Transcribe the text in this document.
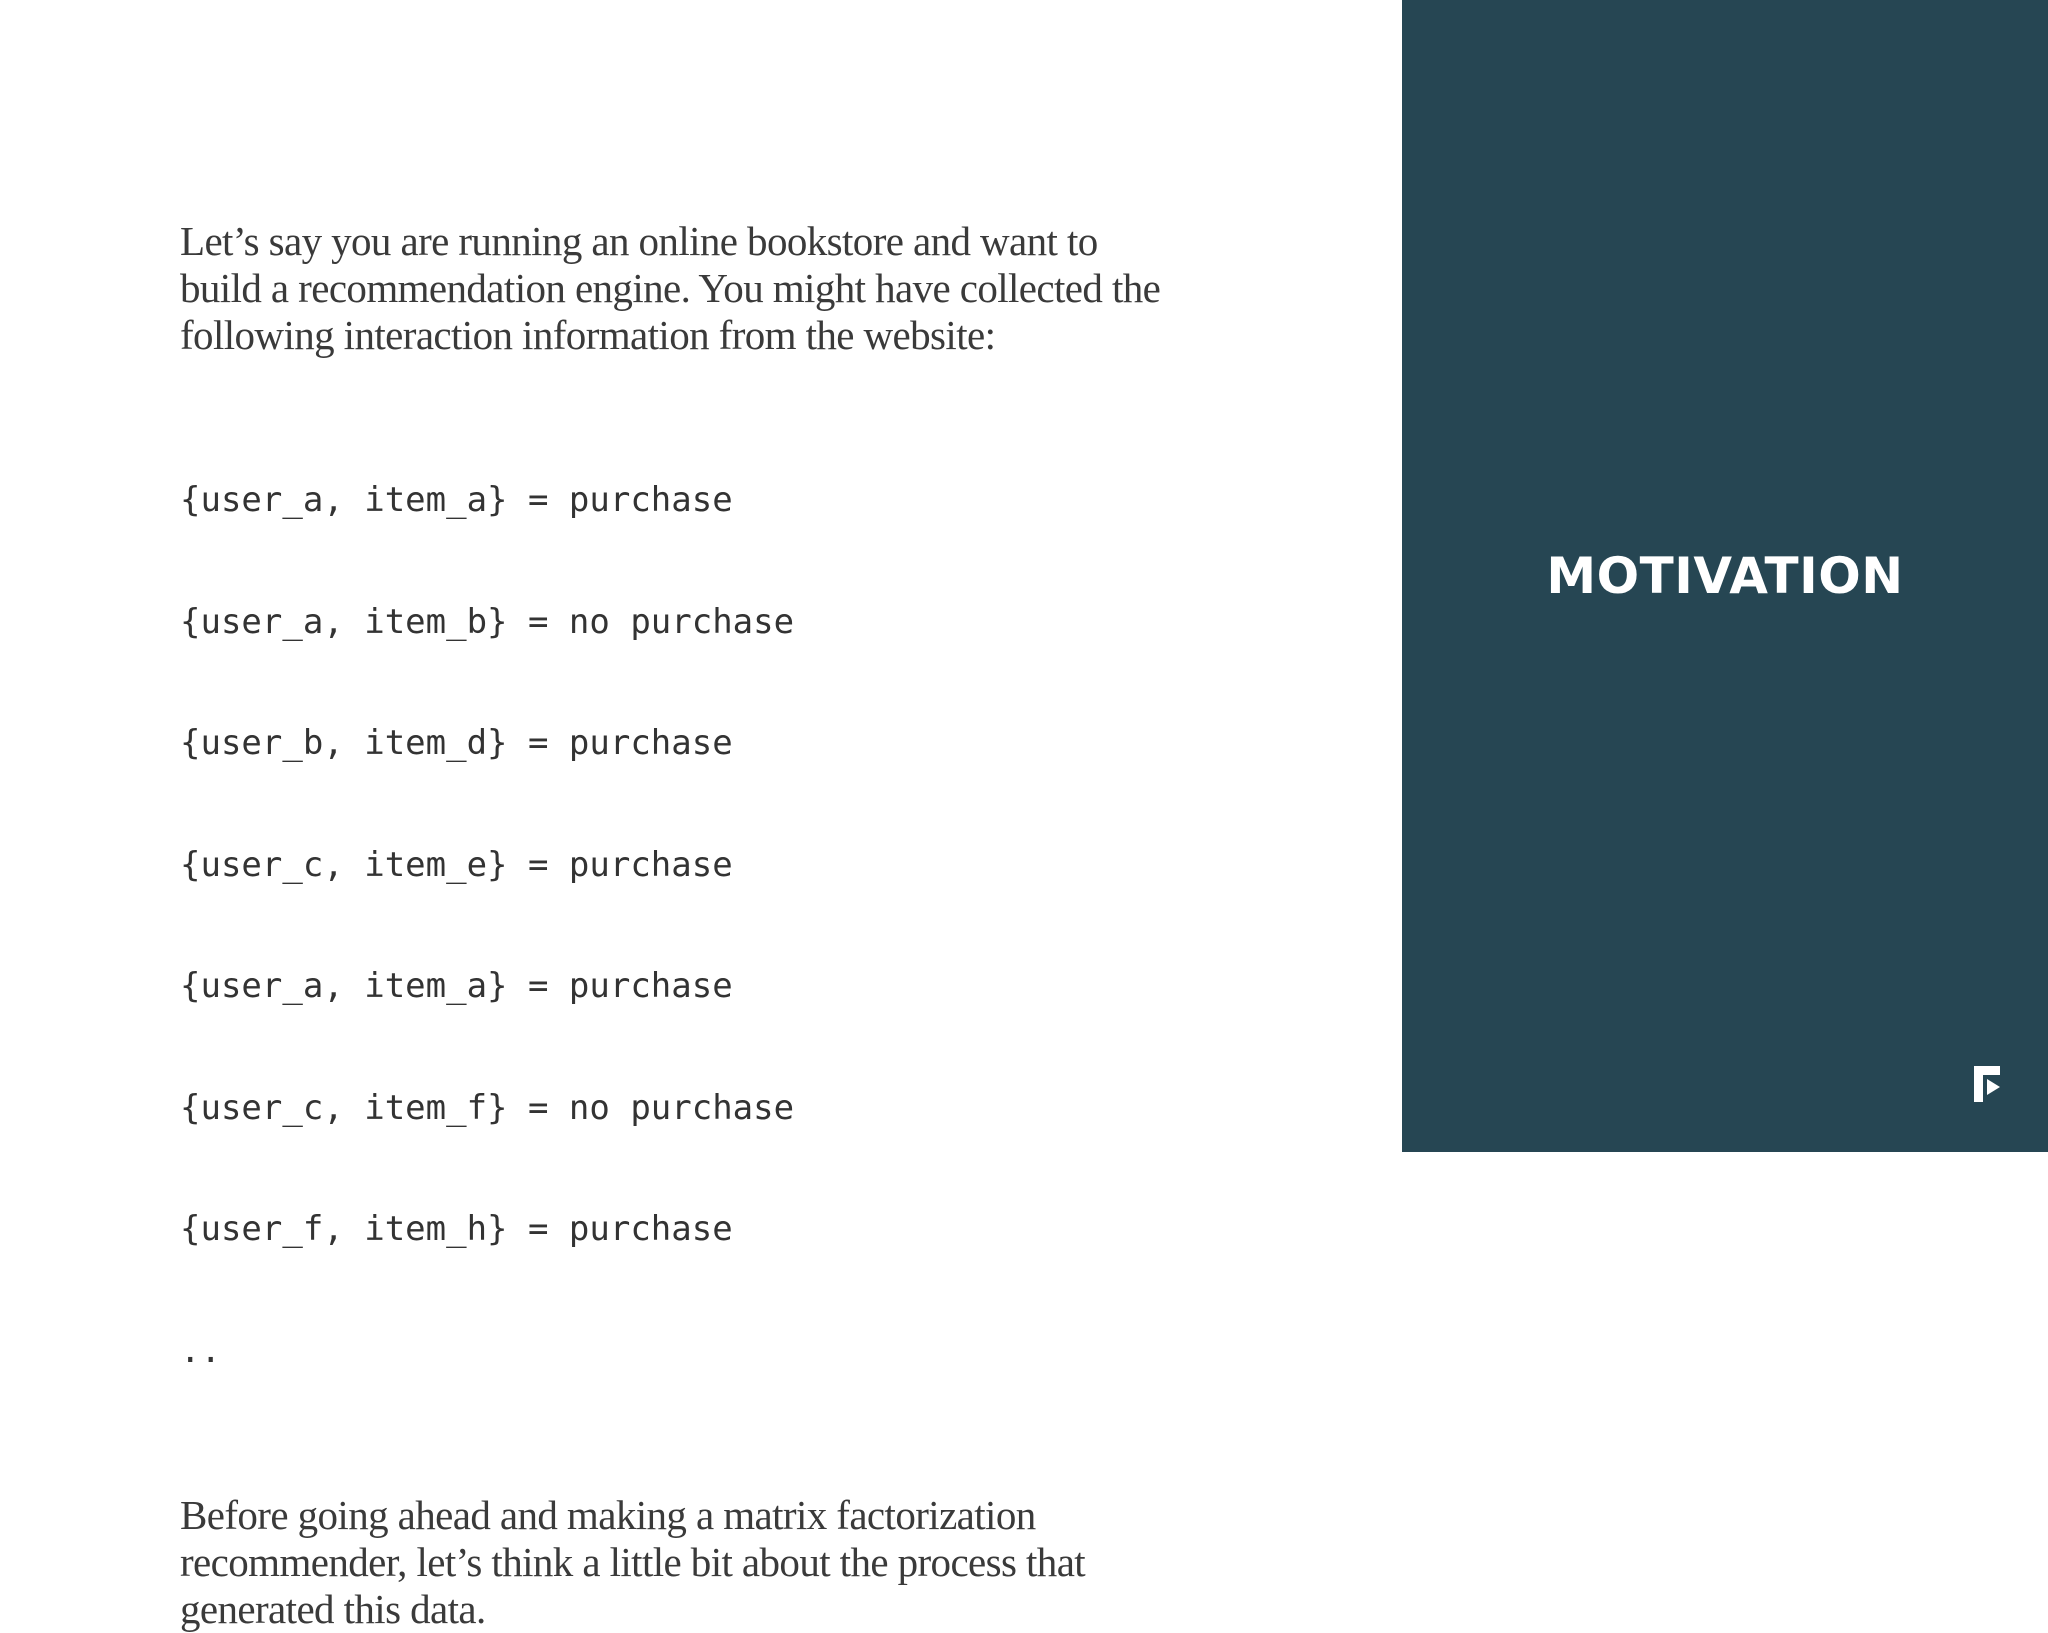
Let’s say you are running an online bookstore and want to
build a recommendation engine. You might have collected the
following interaction information from the website:

{user_a, item_a} = purchase

{user_a, item_b} = no purchase

{user_b, item_d} = purchase

{user_c, item_e} = purchase

{user_a, item_a} = purchase

{user_c, item_f} = no purchase

{user_f, item_h} = purchase

..

Before going ahead and making a matrix factorization
recommender, let’s think a little bit about the process that
generated this data.

MOTIVATION
